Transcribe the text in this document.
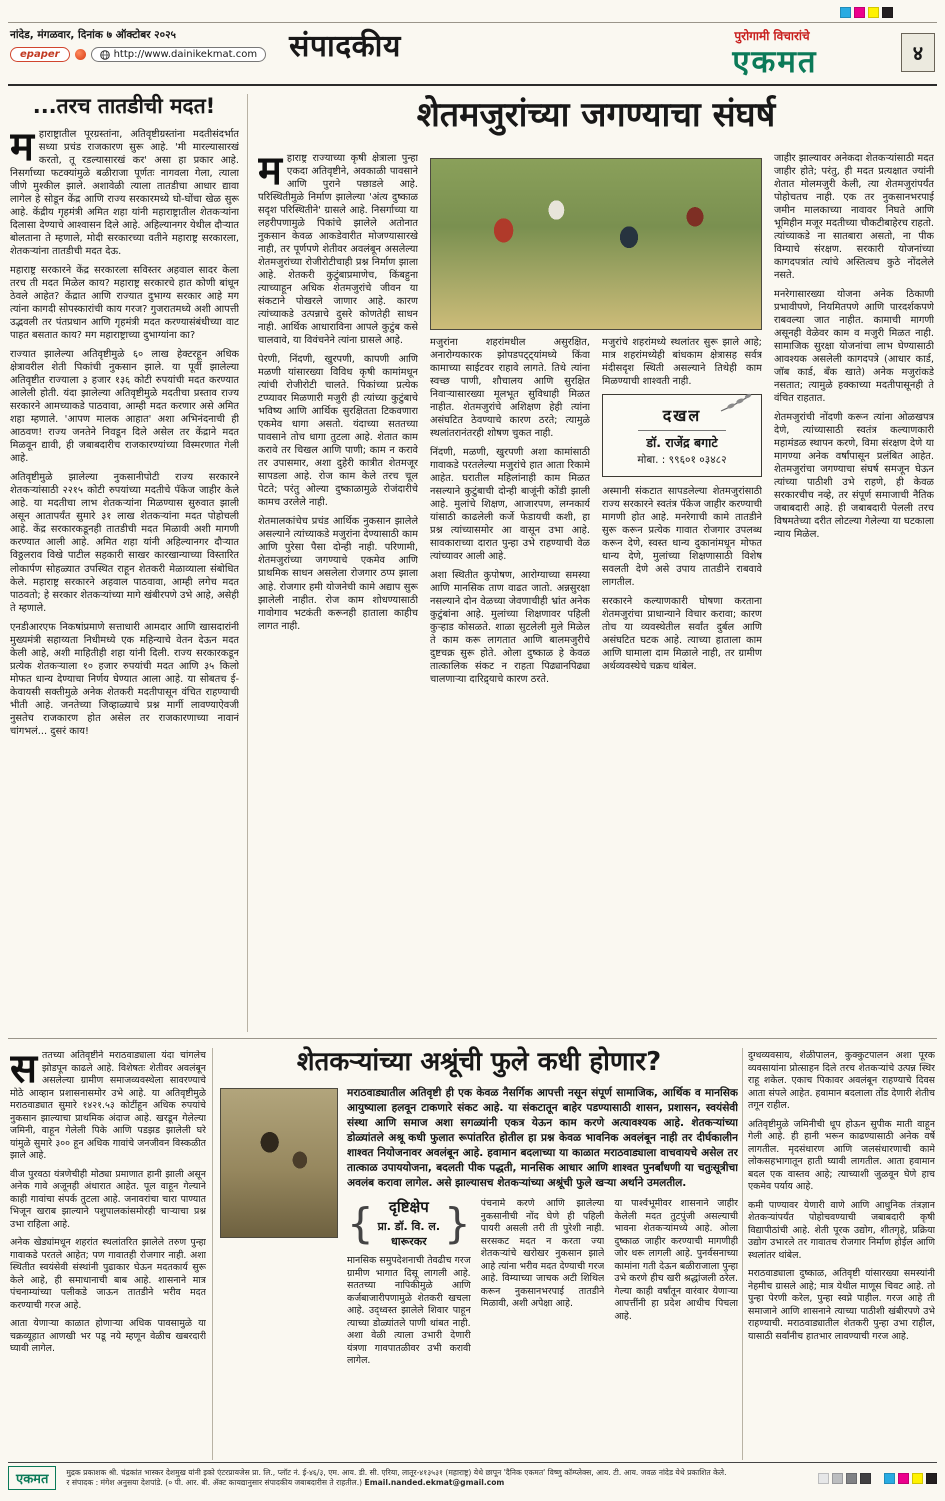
नांदेड, मंगळवार, दिनांक ७ ऑक्टोबर २०२५
epaper	http://www.dainikekmat.com	संपादकीय	पुरोगामी विचारांचे
एकमत	४
...तरच तातडीची मदत!

महाराष्ट्रातील पूरग्रस्तांना, अतिवृष्टीग्रस्तांना मदतीसंदर्भात सध्या प्रचंड राजकारण सुरू आहे. 'मी मारल्यासारखं करतो, तू रडल्यासारखं कर' असा हा प्रकार आहे. निसर्गाच्या फटक्यांमुळे बळीराजा पूर्णतः नागवला गेला, त्याला जीणे मुश्कील झाले. अशावेळी त्याला तातडीचा आधार द्यावा लागेल हे सोडून केंद्र आणि राज्य सरकारमध्ये घो-घोंचा खेळ सुरू आहे. केंद्रीय गृहमंत्री अमित शहा यांनी महाराष्ट्रातील शेतकऱ्यांना दिलासा देण्याचे आश्वासन दिले आहे. अहिल्यानगर येथील दौऱ्यात बोलताना ते म्हणाले, मोदी सरकारच्या वतीने महाराष्ट्र सरकारला, शेतकऱ्यांना तातडीची मदत देऊ.

महाराष्ट्र सरकारने केंद्र सरकारला सविस्तर अहवाल सादर केला तरच ती मदत मिळेल काय? महाराष्ट्र सरकारचे हात कोणी बांधून ठेवले आहेत? केंद्रात आणि राज्यात दुभाग्य सरकार आहे मग त्यांना कागदी सोपस्कारांची काय गरज? गुजरातमध्ये अशी आपत्ती उद्भवली तर पंतप्रधान आणि गृहमंत्री मदत करण्यासंबंधीच्या वाट पाहत बसतात काय? मग महाराष्ट्राच्या दुभाग्यांना का?

राज्यात झालेल्या अतिवृष्टीमुळे ६० लाख हेक्टरहून अधिक क्षेत्रावरील शेती पिकांची नुकसान झाले. या पूर्वी झालेल्या अतिवृष्टीत राज्याला ३ हजार १३६ कोटी रुपयांची मदत करण्यात आलेली होती. यंदा झालेल्या अतिवृष्टीमुळे मदतीचा प्रस्ताव राज्य सरकारने आमच्याकडे पाठवावा, आम्ही मदत करणार असे अमित शहा म्हणाले. 'आपण मालक आहात' अशा अभिनंदनाची ही आठवण! राज्य जनतेने निवडून दिले असेल तर केंद्राने मदत मिळवून द्यावी, ही जबाबदारीच राजकारण्यांच्या विस्मरणात गेली आहे.

अतिवृष्टीमुळे झालेल्या नुकसानीपोटी राज्य सरकारने शेतकऱ्यांसाठी २२१५ कोटी रुपयांच्या मदतीचे पॅकेज जाहीर केले आहे. या मदतीचा लाभ शेतकऱ्यांना मिळण्यास सुरुवात झाली असून आतापर्यंत सुमारे ३१ लाख शेतकऱ्यांना मदत पोहोचली आहे. केंद्र सरकारकडूनही तातडीची मदत मिळावी अशी मागणी करण्यात आली आहे. अमित शहा यांनी अहिल्यानगर दौऱ्यात विठ्ठलराव विखे पाटील सहकारी साखर कारखान्याच्या विस्तारित लोकार्पण सोहळ्यात उपस्थित राहून शेतकरी मेळाव्याला संबोधित केले. महाराष्ट्र सरकारने अहवाल पाठवावा, आम्ही लगेच मदत पाठवतो; हे सरकार शेतकऱ्यांच्या मागे खंबीरपणे उभे आहे, असेही ते म्हणाले.

एनडीआरएफ निकषांप्रमाणे सत्ताधारी आमदार आणि खासदारांनी मुख्यमंत्री सहाय्यता निधीमध्ये एक महिन्याचे वेतन देऊन मदत केली आहे, अशी माहितीही शहा यांनी दिली. राज्य सरकारकडून प्रत्येक शेतकऱ्याला १० हजार रुपयांची मदत आणि ३५ किलो मोफत धान्य देण्याचा निर्णय घेण्यात आला आहे. या सोबतच ई-केवायसी सक्तीमुळे अनेक शेतकरी मदतीपासून वंचित राहण्याची भीती आहे. जनतेच्या जिव्हाळ्याचे प्रश्न मार्गी लावण्याऐवजी नुसतेच राजकारण होत असेल तर राजकारणाच्या नावानं चांगभलं... दुसरं काय!

शेतमजुरांच्या जगण्याचा संघर्ष

महाराष्ट्र राज्याच्या कृषी क्षेत्राला पुन्हा एकदा अतिवृष्टीने, अवकाळी पावसाने आणि पुराने पछाडले आहे. परिस्थितीमुळे निर्माण झालेल्या 'अंत्य दुष्काळ सदृश परिस्थितीने' ग्रासले आहे. निसर्गाच्या या लहरीपणामुळे पिकांचे झालेले अतोनात नुकसान केवळ आकडेवारीत मोजण्यासारखे नाही, तर पूर्णपणे शेतीवर अवलंबून असलेल्या शेतमजुरांच्या रोजीरोटीचाही प्रश्न निर्माण झाला आहे. शेतकरी कुटुंबाप्रमाणेच, किंबहुना त्याच्याहून अधिक शेतमजुरांचे जीवन या संकटाने पोखरले जाणार आहे. कारण त्यांच्याकडे उत्पन्नाचे दुसरे कोणतेही साधन नाही. आर्थिक आधाराविना आपले कुटुंब कसे चालवावे, या विवंचनेने त्यांना ग्रासले आहे.

पेरणी, निंदणी, खुरपणी, कापणी आणि मळणी यांसारख्या विविध कृषी कामांमधून त्यांची रोजीरोटी चालते. पिकांच्या प्रत्येक टप्प्यावर मिळणारी मजुरी ही त्यांच्या कुटुंबाचे भविष्य आणि आर्थिक सुरक्षितता टिकवणारा एकमेव धागा असतो. यंदाच्या सततच्या पावसाने तोच धागा तुटला आहे. शेतात काम करावे तर चिखल आणि पाणी; काम न करावे तर उपासमार, अशा दुहेरी कात्रीत शेतमजूर सापडला आहे. रोज काम केले तरच चूल पेटते; परंतु ओल्या दुष्काळामुळे रोजंदारीचे कामच उरलेले नाही.

शेतमालकांचेच प्रचंड आर्थिक नुकसान झालेले असल्याने त्यांच्याकडे मजुरांना देण्यासाठी काम आणि पुरेसा पैसा दोन्ही नाही. परिणामी, शेतमजुरांच्या जगण्याचे एकमेव आणि प्राथमिक साधन असलेला रोजगार ठप्प झाला आहे. रोजगार हमी योजनेची कामे अद्याप सुरू झालेली नाहीत. रोज काम शोधण्यासाठी गावोगाव भटकंती करूनही हाताला काहीच लागत नाही.

मजुरांना शहरांमधील असुरक्षित, अनारोग्यकारक झोपडपट्ट्यांमध्ये किंवा कामाच्या साईटवर राहावे लागते. तिथे त्यांना स्वच्छ पाणी, शौचालय आणि सुरक्षित निवाऱ्यासारख्या मूलभूत सुविधाही मिळत नाहीत. शेतमजुरांचे अशिक्षण हेही त्यांना असंघटित ठेवण्याचे कारण ठरते; त्यामुळे स्थलांतरानंतरही शोषण चुकत नाही.

निंदणी, मळणी, खुरपणी अशा कामांसाठी गावाकडे परतलेल्या मजुरांचे हात आता रिकामे आहेत. घरातील महिलांनाही काम मिळत नसल्याने कुटुंबाची दोन्ही बाजूंनी कोंडी झाली आहे. मुलांचे शिक्षण, आजारपण, लग्नकार्य यांसाठी काढलेली कर्जे फेडायची कशी, हा प्रश्न त्यांच्यासमोर आ वासून उभा आहे. सावकाराच्या दारात पुन्हा उभे राहण्याची वेळ त्यांच्यावर आली आहे.

अशा स्थितीत कुपोषण, आरोग्याच्या समस्या आणि मानसिक ताण वाढत जातो. अन्नसुरक्षा नसल्याने दोन वेळच्या जेवणाचीही भ्रांत अनेक कुटुंबांना आहे. मुलांच्या शिक्षणावर पहिली कुऱ्हाड कोसळते. शाळा सुटलेली मुले मिळेल ते काम करू लागतात आणि बालमजुरीचे दुष्टचक्र सुरू होते. ओला दुष्काळ हे केवळ तात्कालिक संकट न राहता पिढ्यानपिढ्या चालणाऱ्या दारिद्र्याचे कारण ठरते.

मजुरांचे शहरांमध्ये स्थलांतर सुरू झाले आहे; मात्र शहरांमध्येही बांधकाम क्षेत्रासह सर्वत्र मंदीसदृश स्थिती असल्याने तिथेही काम मिळण्याची शाश्वती नाही.

दखल
डॉ. राजेंद्र बगाटे
मोबा. : ९९६०१ ०३४८२

अस्मानी संकटात सापडलेल्या शेतमजुरांसाठी राज्य सरकारने स्वतंत्र पॅकेज जाहीर करण्याची मागणी होत आहे. मनरेगाची कामे तातडीने सुरू करून प्रत्येक गावात रोजगार उपलब्ध करून देणे, स्वस्त धान्य दुकानांमधून मोफत धान्य देणे, मुलांच्या शिक्षणासाठी विशेष सवलती देणे असे उपाय तातडीने राबवावे लागतील.

सरकारने कल्याणकारी घोषणा करताना शेतमजुरांचा प्राधान्याने विचार करावा; कारण तोच या व्यवस्थेतील सर्वांत दुर्बल आणि असंघटित घटक आहे. त्याच्या हाताला काम आणि घामाला दाम मिळाले नाही, तर ग्रामीण अर्थव्यवस्थेचे चक्रच थांबेल.

जाहीर झाल्यावर अनेकदा शेतकऱ्यांसाठी मदत जाहीर होते; परंतु, ही मदत प्रत्यक्षात ज्यांनी शेतात मोलमजुरी केली, त्या शेतमजुरांपर्यंत पोहोचतच नाही. एक तर नुकसानभरपाई जमीन मालकाच्या नावावर निघते आणि भूमिहीन मजूर मदतीच्या चौकटीबाहेरच राहतो. त्यांच्याकडे ना सातबारा असतो, ना पीक विम्याचे संरक्षण. सरकारी योजनांच्या कागदपत्रांत त्यांचे अस्तित्वच कुठे नोंदलेले नसते.

मनरेगासारख्या योजना अनेक ठिकाणी प्रभावीपणे, नियमितपणे आणि पारदर्शकपणे राबवल्या जात नाहीत. कामाची मागणी असूनही वेळेवर काम व मजुरी मिळत नाही. सामाजिक सुरक्षा योजनांचा लाभ घेण्यासाठी आवश्यक असलेली कागदपत्रे (आधार कार्ड, जॉब कार्ड, बँक खाते) अनेक मजुरांकडे नसतात; त्यामुळे हक्काच्या मदतीपासूनही ते वंचित राहतात.

शेतमजुरांची नोंदणी करून त्यांना ओळखपत्र देणे, त्यांच्यासाठी स्वतंत्र कल्याणकारी महामंडळ स्थापन करणे, विमा संरक्षण देणे या मागण्या अनेक वर्षांपासून प्रलंबित आहेत. शेतमजुरांचा जगण्याचा संघर्ष समजून घेऊन त्यांच्या पाठीशी उभे राहणे, ही केवळ सरकारचीच नव्हे, तर संपूर्ण समाजाची नैतिक जबाबदारी आहे. ही जबाबदारी पेलली तरच विषमतेच्या दरीत लोटल्या गेलेल्या या घटकाला न्याय मिळेल.

सततच्या अतिवृष्टीने मराठवाड्याला यंदा चांगलेच झोडपून काढले आहे. विशेषतः शेतीवर अवलंबून असलेल्या ग्रामीण समाजव्यवस्थेला सावरण्याचे मोठे आव्हान प्रशासनासमोर उभे आहे. या अतिवृष्टीमुळे मराठवाड्यात सुमारे १४२१.५३ कोटींहून अधिक रुपयांचे नुकसान झाल्याचा प्राथमिक अंदाज आहे. खरडून गेलेल्या जमिनी, वाहून गेलेली पिके आणि पडझड झालेली घरे यांमुळे सुमारे ३०० हून अधिक गावांचे जनजीवन विस्कळीत झाले आहे.

वीज पुरवठा यंत्रणेचीही मोठ्या प्रमाणात हानी झाली असून अनेक गावे अजूनही अंधारात आहेत. पूल वाहून गेल्याने काही गावांचा संपर्क तुटला आहे. जनावरांचा चारा पाण्यात भिजून खराब झाल्याने पशुपालकांसमोरही चाऱ्याचा प्रश्न उभा राहिला आहे.

अनेक खेड्यांमधून शहरांत स्थलांतरित झालेले तरुण पुन्हा गावाकडे परतले आहेत; पण गावातही रोजगार नाही. अशा स्थितीत स्वयंसेवी संस्थांनी पुढाकार घेऊन मदतकार्य सुरू केले आहे, ही समाधानाची बाब आहे. शासनाने मात्र पंचनाम्यांच्या पलीकडे जाऊन तातडीने भरीव मदत करण्याची गरज आहे.

आता येणाऱ्या काळात होणाऱ्या अधिक पावसामुळे या चक्रव्यूहात आणखी भर पडू नये म्हणून वेळीच खबरदारी घ्यावी लागेल.

शेतकऱ्यांच्या अश्रूंची फुले कधी होणार?

मराठवाड्यातील अतिवृष्टी ही एक केवळ नैसर्गिक आपत्ती नसून संपूर्ण सामाजिक, आर्थिक व मानसिक आयुष्याला हलवून टाकणारे संकट आहे. या संकटातून बाहेर पडण्यासाठी शासन, प्रशासन, स्वयंसेवी संस्था आणि समाज अशा सगळ्यांनी एकत्र येऊन काम करणे अत्यावश्यक आहे. शेतकऱ्यांच्या डोळ्यांतले अश्रू कधी फुलात रूपांतरित होतील हा प्रश्न केवळ भावनिक अवलंबून नाही तर दीर्घकालीन शाश्वत नियोजनावर अवलंबून आहे. हवामान बदलाच्या या काळात मराठवाड्याला वाचवायचे असेल तर तात्काळ उपाययोजना, बदलती पीक पद्धती, मानसिक आधार आणि शाश्वत पुनर्बांधणी या चतुःसूत्रीचा अवलंब करावा लागेल. असे झाल्यासच शेतकऱ्यांच्या अश्रूंची फुले खऱ्या अर्थाने उमलतील.

{	दृष्टिक्षेप
प्रा. डॉ. वि. ल. धारूरकर }

मानसिक समुपदेशनाची तेवढीच गरज ग्रामीण भागात दिसू लागली आहे. सततच्या नापिकीमुळे आणि कर्जबाजारीपणामुळे शेतकरी खचला आहे. उद्ध्वस्त झालेले शिवार पाहून त्याच्या डोळ्यांतले पाणी थांबत नाही. अशा वेळी त्याला उभारी देणारी यंत्रणा गावपातळीवर उभी करावी लागेल.

पंचनामे करणे आणि झालेल्या नुकसानीची नोंद घेणे ही पहिली पायरी असली तरी ती पुरेशी नाही. सरसकट मदत न करता ज्या शेतकऱ्यांचे खरोखर नुकसान झाले आहे त्यांना भरीव मदत देण्याची गरज आहे. विम्याच्या जाचक अटी शिथिल करून नुकसानभरपाई तातडीने मिळावी, अशी अपेक्षा आहे.

या पार्श्वभूमीवर शासनाने जाहीर केलेली मदत तुटपुंजी असल्याची भावना शेतकऱ्यांमध्ये आहे. ओला दुष्काळ जाहीर करण्याची मागणीही जोर धरू लागली आहे. पुनर्वसनाच्या कामांना गती देऊन बळीराजाला पुन्हा उभे करणे हीच खरी श्रद्धांजली ठरेल. गेल्या काही वर्षांतून वारंवार येणाऱ्या आपत्तींनी हा प्रदेश आधीच पिचला आहे.

दुग्धव्यवसाय, शेळीपालन, कुक्कुटपालन अशा पूरक व्यवसायांना प्रोत्साहन दिले तरच शेतकऱ्यांचे उत्पन्न स्थिर राहू शकेल. एकाच पिकावर अवलंबून राहण्याचे दिवस आता संपले आहेत. हवामान बदलाला तोंड देणारी शेतीच तगून राहील.

अतिवृष्टीमुळे जमिनीची धूप होऊन सुपीक माती वाहून गेली आहे. ही हानी भरून काढण्यासाठी अनेक वर्षे लागतील. मृदसंधारण आणि जलसंधारणाची कामे लोकसहभागातून हाती घ्यावी लागतील. आता हवामान बदल एक वास्तव आहे; त्याच्याशी जुळवून घेणे हाच एकमेव पर्याय आहे.

कमी पाण्यावर येणारी वाणे आणि आधुनिक तंत्रज्ञान शेतकऱ्यांपर्यंत पोहोचवण्याची जबाबदारी कृषी विद्यापीठांची आहे. शेती पूरक उद्योग, शीतगृहे, प्रक्रिया उद्योग उभारले तर गावातच रोजगार निर्माण होईल आणि स्थलांतर थांबेल.

मराठवाड्याला दुष्काळ, अतिवृष्टी यांसारख्या समस्यांनी नेहमीच ग्रासले आहे; मात्र येथील माणूस चिवट आहे. तो पुन्हा पेरणी करेल, पुन्हा स्वप्ने पाहील. गरज आहे ती समाजाने आणि शासनाने त्याच्या पाठीशी खंबीरपणे उभे राहण्याची. मराठवाड्यातील शेतकरी पुन्हा उभा राहील, यासाठी सर्वांनीच हातभार लावण्याची गरज आहे.

एकमत	मुद्रक प्रकाशक श्री. चंद्रकांत भास्कर देशमुख यांनी इको एंटरप्रायजेस प्रा. लि., प्लॉट नं. ई-४६/३, एम. आय. डी. सी. एरिया, लातूर-४१३५३१ (महाराष्ट्र) येथे छापून 'दैनिक एकमत' विष्णु कॉम्प्लेक्स, आय. टी. आय. जवळ नांदेड येथे प्रकाशित केले.
र संपादक : मंगेश अनुसया देशपांडे. (० पी. आर. बी. ॲक्ट कायद्यानुसार संपादकीय जबाबदारीस ते राहतील.) Email.nanded.ekmat@gmail.com
